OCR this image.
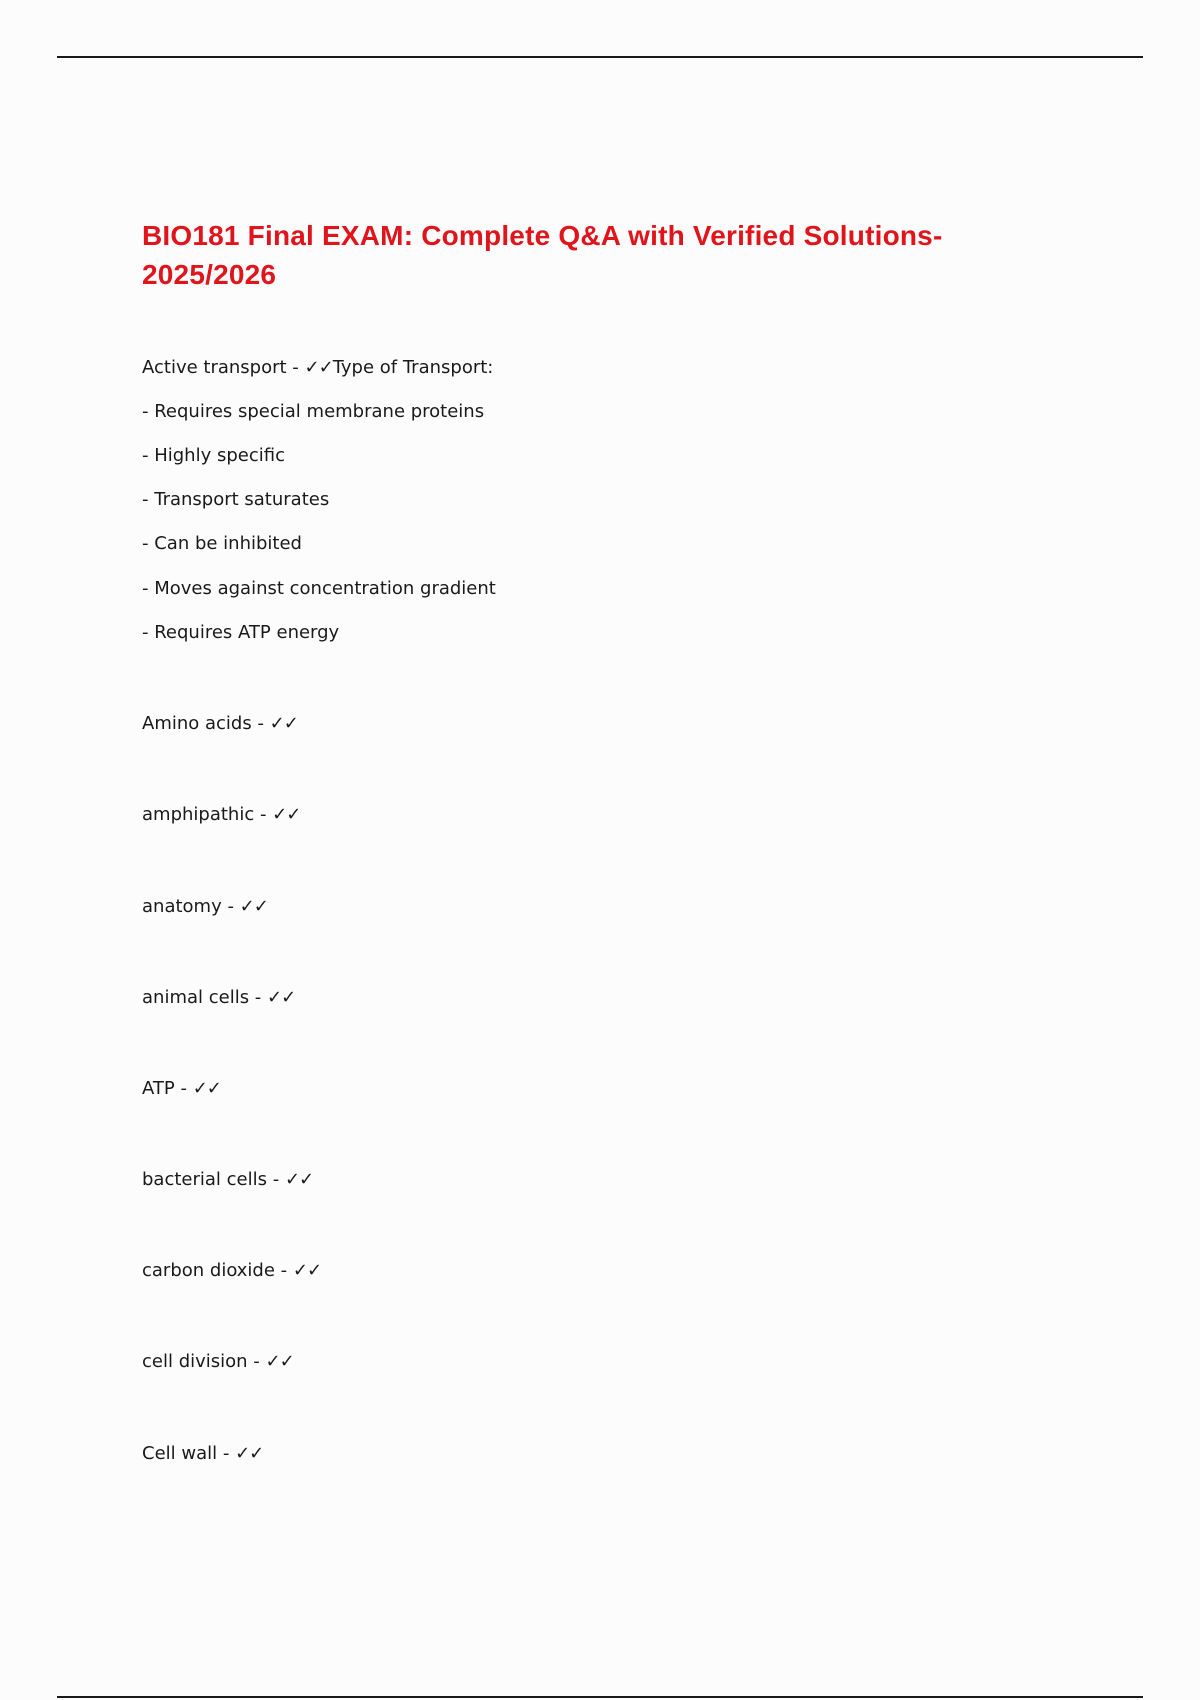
BIO181 Final EXAM: Complete Q&A with Verified Solutions-2025/2026
Active transport - ✓✓Type of Transport:
- Requires special membrane proteins
- Highly specific
- Transport saturates
- Can be inhibited
- Moves against concentration gradient
- Requires ATP energy
Amino acids - ✓✓
amphipathic - ✓✓
anatomy - ✓✓
animal cells - ✓✓
ATP - ✓✓
bacterial cells - ✓✓
carbon dioxide - ✓✓
cell division - ✓✓
Cell wall - ✓✓
